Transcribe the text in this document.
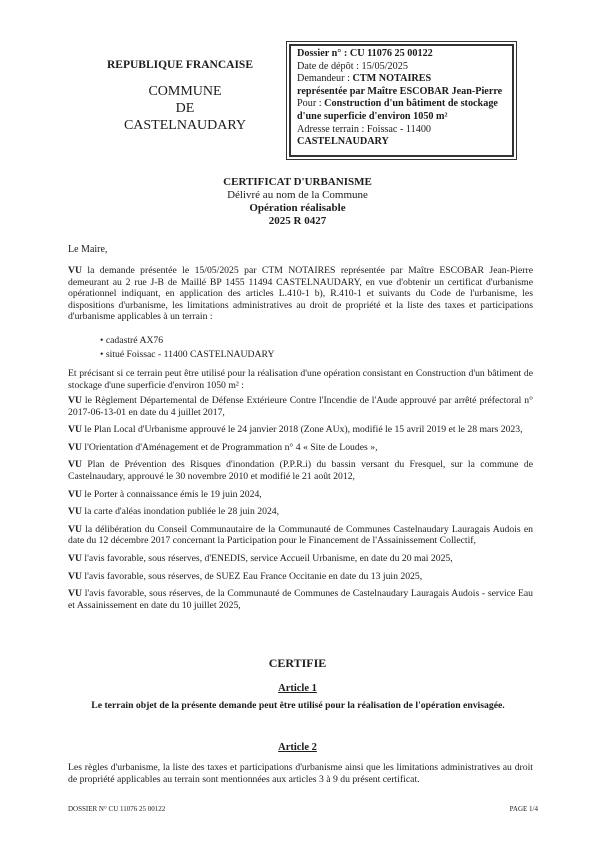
REPUBLIQUE FRANCAISE
COMMUNE
DE
CASTELNAUDARY
Dossier n° : CU 11076 25 00122
Date de dépôt : 15/05/2025
Demandeur : CTM NOTAIRES
représentée par Maître ESCOBAR Jean-Pierre
Pour : Construction d'un bâtiment de stockage
d'une superficie d'environ 1050 m²
Adresse terrain : Foissac - 11400
CASTELNAUDARY
CERTIFICAT D'URBANISME
Délivré au nom de la Commune
Opération réalisable
2025 R 0427
Le Maire,

VU la demande présentée le 15/05/2025 par CTM NOTAIRES représentée par Maître ESCOBAR Jean-Pierre demeurant au 2 rue J-B de Maillé BP 1455 11494 CASTELNAUDARY, en vue d'obtenir un certificat d'urbanisme opérationnel indiquant, en application des articles L.410-1 b), R.410-1 et suivants du Code de l'urbanisme, les dispositions d'urbanisme, les limitations administratives au droit de propriété et la liste des taxes et participations d'urbanisme applicables à un terrain :

• cadastré AX76
• situé Foissac - 11400 CASTELNAUDARY

Et précisant si ce terrain peut être utilisé pour la réalisation d'une opération consistant en Construction d'un bâtiment de stockage d'une superficie d'environ 1050 m² :

VU le Règlement Départemental de Défense Extérieure Contre l'Incendie de l'Aude approuvé par arrêté préfectoral n° 2017-06-13-01 en date du 4 juillet 2017,

VU le Plan Local d'Urbanisme approuvé le 24 janvier 2018 (Zone AUx), modifié le 15 avril 2019 et le 28 mars 2023,

VU l'Orientation d'Aménagement et de Programmation n° 4 « Site de Loudes »,

VU Plan de Prévention des Risques d'inondation (P.P.R.i) du bassin versant du Fresquel, sur la commune de Castelnaudary, approuvé le 30 novembre 2010 et modifié le 21 août 2012,

VU le Porter à connaissance émis le 19 juin 2024,

VU la carte d'aléas inondation publiée le 28 juin 2024,

VU la délibération du Conseil Communautaire de la Communauté de Communes Castelnaudary Lauragais Audois en date du 12 décembre 2017 concernant la Participation pour le Financement de l'Assainissement Collectif,

VU l'avis favorable, sous réserves, d'ENEDIS, service Accueil Urbanisme, en date du 20 mai 2025,

VU l'avis favorable, sous réserves, de SUEZ Eau France Occitanie en date du 13 juin 2025,

VU l'avis favorable, sous réserves, de la Communauté de Communes de Castelnaudary Lauragais Audois - service Eau et Assainissement en date du 10 juillet 2025,

CERTIFIE
Article 1
Le terrain objet de la présente demande peut être utilisé pour la réalisation de l'opération envisagée.
Article 2
Les règles d'urbanisme, la liste des taxes et participations d'urbanisme ainsi que les limitations administratives au droit de propriété applicables au terrain sont mentionnées aux articles 3 à 9 du présent certificat.
DOSSIER N° CU 11076 25 00122	PAGE 1/4
